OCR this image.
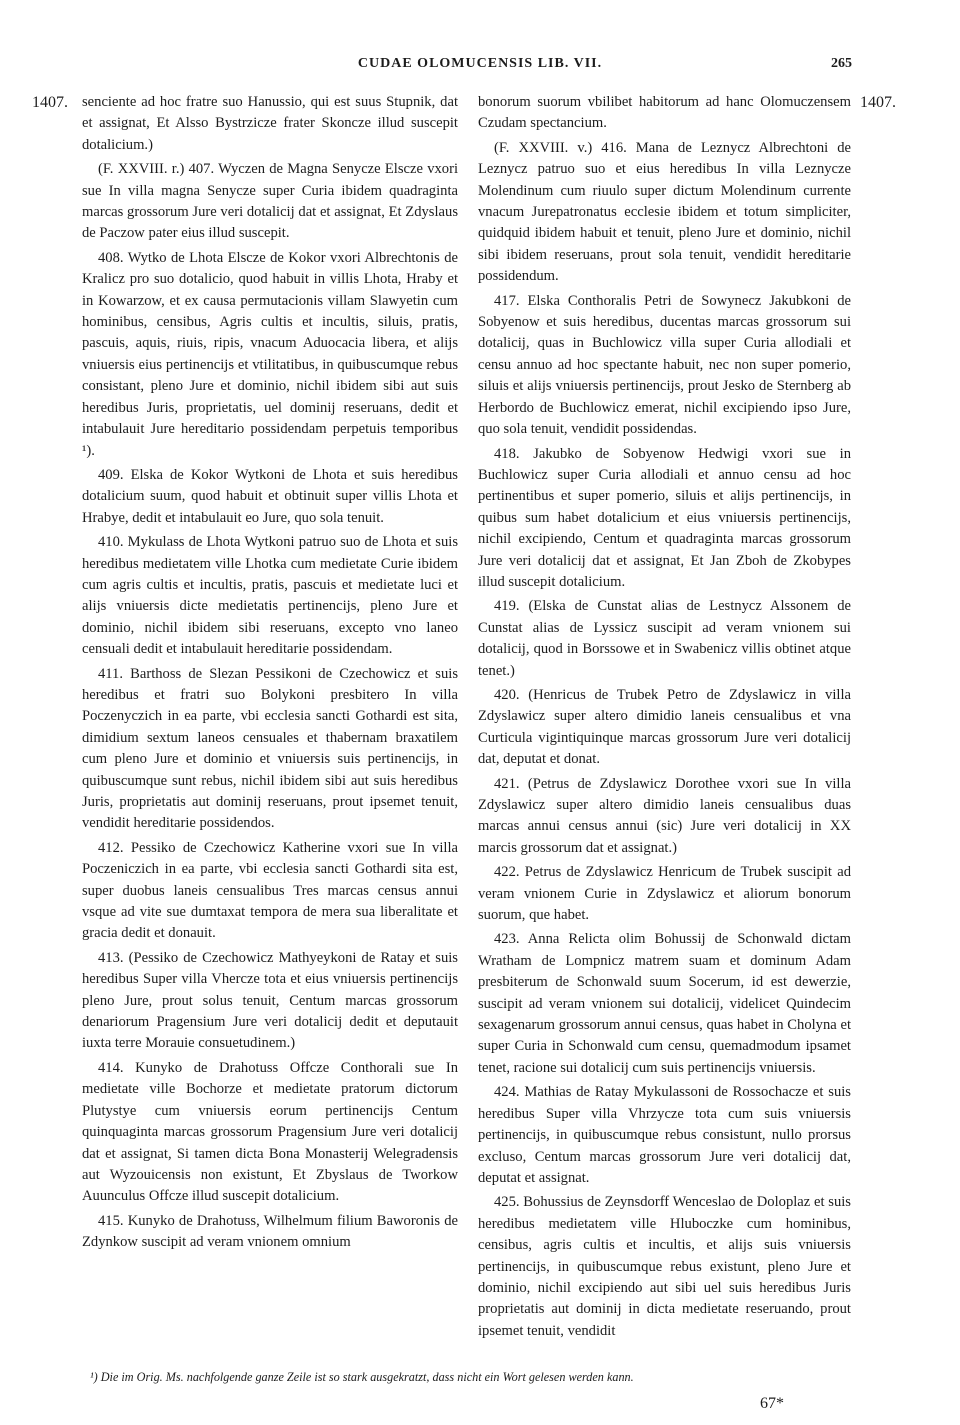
CUDAE OLOMUCENSIS LIB. VII.	265
1407.	1407.

senciente ad hoc fratre suo Hanussio, qui est suus Stupnik, dat et assignat, Et Alsso Bystrzicze frater Skoncze illud suscepit dotalicium.)

(F. XXVIII. r.) 407. Wyczen de Magna Senycze Elscze vxori sue In villa magna Senycze super Curia ibidem quadraginta marcas grossorum Jure veri dotalicij dat et assignat, Et Zdyslaus de Paczow pater eius illud suscepit.

408. Wytko de Lhota Elscze de Kokor vxori Albrechtonis de Kralicz pro suo dotalicio, quod habuit in villis Lhota, Hraby et in Kowarzow, et ex causa permutacionis villam Slawyetin cum hominibus, censibus, Agris cultis et incultis, siluis, pratis, pascuis, aquis, riuis, ripis, vnacum Aduocacia libera, et alijs vniuersis eius pertinencijs et vtilitatibus, in quibuscumque rebus consistant, pleno Jure et dominio, nichil ibidem sibi aut suis heredibus Juris, proprietatis, uel dominij reseruans, dedit et intabulauit Jure hereditario possidendam perpetuis temporibus ¹).

409. Elska de Kokor Wytkoni de Lhota et suis heredibus dotalicium suum, quod habuit et obtinuit super villis Lhota et Hrabye, dedit et intabulauit eo Jure, quo sola tenuit.

410. Mykulass de Lhota Wytkoni patruo suo de Lhota et suis heredibus medietatem ville Lhotka cum medietate Curie ibidem cum agris cultis et incultis, pratis, pascuis et medietate luci et alijs vniuersis dicte medietatis pertinencijs, pleno Jure et dominio, nichil ibidem sibi reseruans, excepto vno laneo censuali dedit et intabulauit hereditarie possidendam.

411. Barthoss de Slezan Pessikoni de Czechowicz et suis heredibus et fratri suo Bolykoni presbitero In villa Poczenyczich in ea parte, vbi ecclesia sancti Gothardi est sita, dimidium sextum laneos censuales et thabernam braxatilem cum pleno Jure et dominio et vniuersis suis pertinencijs, in quibuscumque sunt rebus, nichil ibidem sibi aut suis heredibus Juris, proprietatis aut dominij reseruans, prout ipsemet tenuit, vendidit hereditarie possidendos.

412. Pessiko de Czechowicz Katherine vxori sue In villa Poczeniczich in ea parte, vbi ecclesia sancti Gothardi sita est, super duobus laneis censualibus Tres marcas census annui vsque ad vite sue dumtaxat tempora de mera sua liberalitate et gracia dedit et donauit.

413. (Pessiko de Czechowicz Mathyeykoni de Ratay et suis heredibus Super villa Vhercze tota et eius vniuersis pertinencijs pleno Jure, prout solus tenuit, Centum marcas grossorum denariorum Pragensium Jure veri dotalicij dedit et deputauit iuxta terre Morauie consuetudinem.)

414. Kunyko de Drahotuss Offcze Conthorali sue In medietate ville Bochorze et medietate pratorum dictorum Plutystye cum vniuersis eorum pertinencijs Centum quinquaginta marcas grossorum Pragensium Jure veri dotalicij dat et assignat, Si tamen dicta Bona Monasterij Welegradensis aut Wyzouicensis non existunt, Et Zbyslaus de Tworkow Auunculus Offcze illud suscepit dotalicium.

415. Kunyko de Drahotuss, Wilhelmum filium Baworonis de Zdynkow suscipit ad veram vnionem omnium

bonorum suorum vbilibet habitorum ad hanc Olomuczensem Czudam spectancium.

(F. XXVIII. v.) 416. Mana de Leznycz Albrechtoni de Leznycz patruo suo et eius heredibus In villa Leznycze Molendinum cum riuulo super dictum Molendinum currente vnacum Jurepatronatus ecclesie ibidem et totum simpliciter, quidquid ibidem habuit et tenuit, pleno Jure et dominio, nichil sibi ibidem reseruans, prout sola tenuit, vendidit hereditarie possidendum.

417. Elska Conthoralis Petri de Sowynecz Jakubkoni de Sobyenow et suis heredibus, ducentas marcas grossorum sui dotalicij, quas in Buchlowicz villa super Curia allodiali et censu annuo ad hoc spectante habuit, nec non super pomerio, siluis et alijs vniuersis pertinencijs, prout Jesko de Sternberg ab Herbordo de Buchlowicz emerat, nichil excipiendo ipso Jure, quo sola tenuit, vendidit possidendas.

418. Jakubko de Sobyenow Hedwigi vxori sue in Buchlowicz super Curia allodiali et annuo censu ad hoc pertinentibus et super pomerio, siluis et alijs pertinencijs, in quibus sum habet dotalicium et eius vniuersis pertinencijs, nichil excipiendo, Centum et quadraginta marcas grossorum Jure veri dotalicij dat et assignat, Et Jan Zboh de Zkobypes illud suscepit dotalicium.

419. (Elska de Cunstat alias de Lestnycz Alssonem de Cunstat alias de Lyssicz suscipit ad veram vnionem sui dotalicij, quod in Borssowe et in Swabenicz villis obtinet atque tenet.)

420. (Henricus de Trubek Petro de Zdyslawicz in villa Zdyslawicz super altero dimidio laneis censualibus et vna Curticula vigintiquinque marcas grossorum Jure veri dotalicij dat, deputat et donat.

421. (Petrus de Zdyslawicz Dorothee vxori sue In villa Zdyslawicz super altero dimidio laneis censualibus duas marcas annui census annui (sic) Jure veri dotalicij in XX marcis grossorum dat et assignat.)

422. Petrus de Zdyslawicz Henricum de Trubek suscipit ad veram vnionem Curie in Zdyslawicz et aliorum bonorum suorum, que habet.

423. Anna Relicta olim Bohussij de Schonwald dictam Wratham de Lompnicz matrem suam et dominum Adam presbiterum de Schonwald suum Socerum, id est dewerzie, suscipit ad veram vnionem sui dotalicij, videlicet Quindecim sexagenarum grossorum annui census, quas habet in Cholyna et super Curia in Schonwald cum censu, quemadmodum ipsamet tenet, racione sui dotalicij cum suis pertinencijs vniuersis.

424. Mathias de Ratay Mykulassoni de Rossochacze et suis heredibus Super villa Vhrzycze tota cum suis vniuersis pertinencijs, in quibuscumque rebus consistunt, nullo prorsus excluso, Centum marcas grossorum Jure veri dotalicij dat, deputat et assignat.

425. Bohussius de Zeynsdorff Wenceslao de Doloplaz et suis heredibus medietatem ville Hluboczke cum hominibus, censibus, agris cultis et incultis, et alijs suis vniuersis pertinencijs, in quibuscumque rebus existunt, pleno Jure et dominio, nichil excipiendo aut sibi uel suis heredibus Juris proprietatis aut dominij in dicta medietate reseruando, prout ipsemet tenuit, vendidit

¹) Die im Orig. Ms. nachfolgende ganze Zeile ist so stark ausgekratzt, dass nicht ein Wort gelesen werden kann.
67*
